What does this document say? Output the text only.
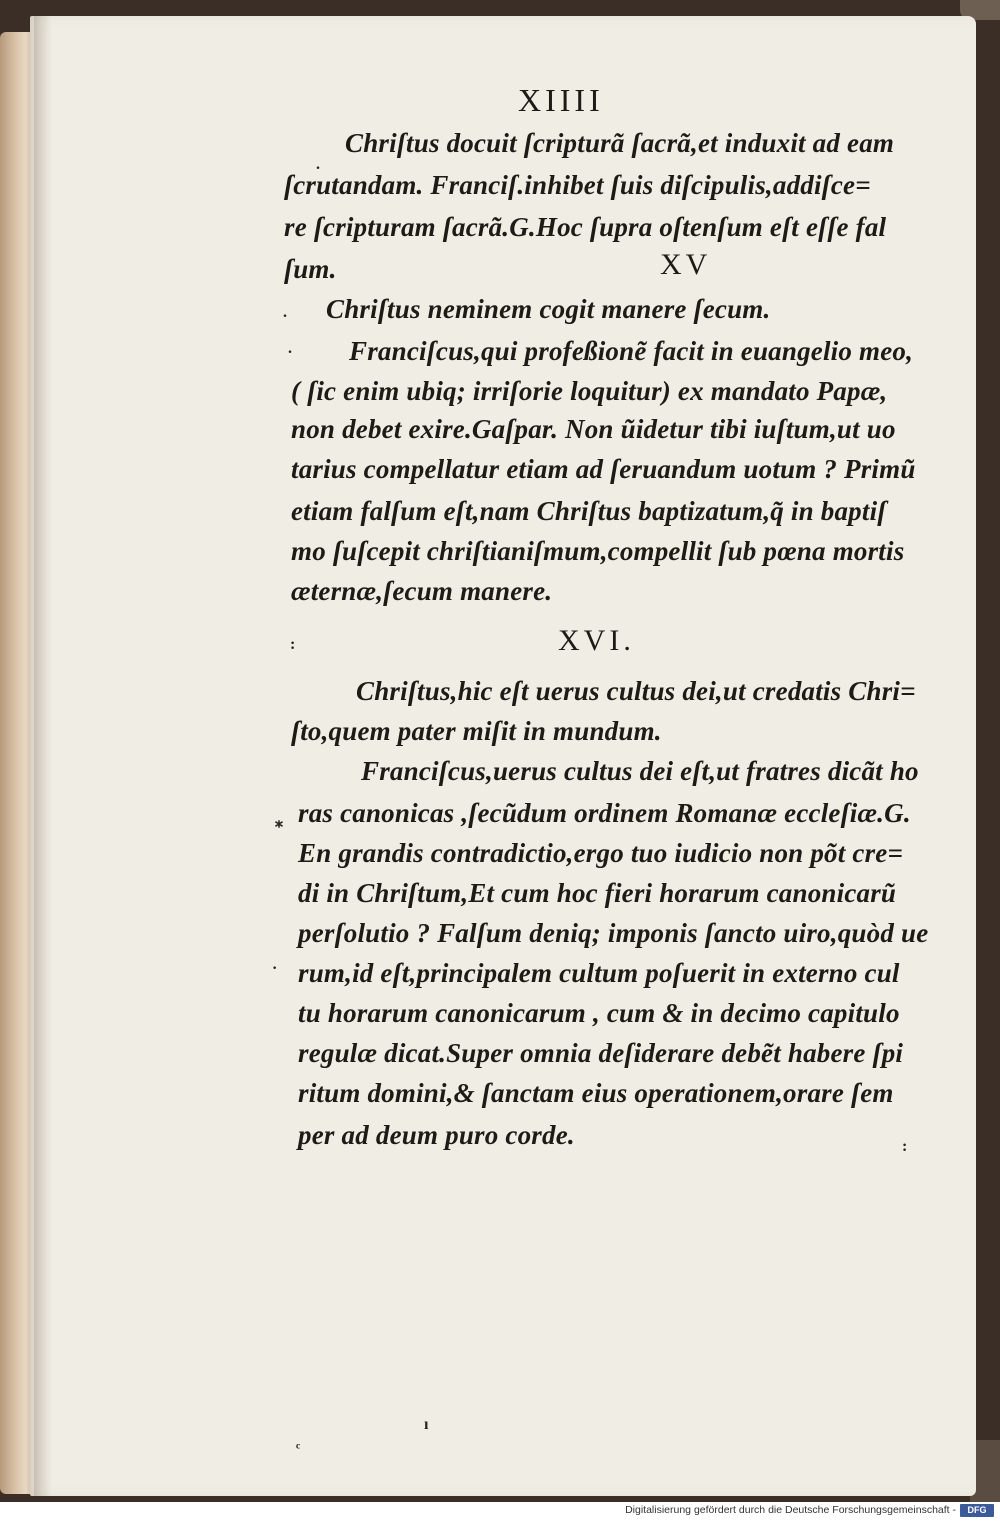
XIIII
Chriſtus docuit ſcripturã ſacrã,et induxit ad eam
ſcrutandam. Franciſ.inhibet ſuis diſcipulis,addiſce=
re ſcripturam ſacrã.G.Hoc ſupra oſtenſum eſt eſſe fal
ſum.	XV
Chriſtus neminem cogit manere ſecum.
Franciſcus,qui profeßionẽ facit in euangelio meo,
( ſic enim ubiq; irriſorie loquitur) ex mandato Papæ,
non debet exire.Gaſpar. Non ũidetur tibi iuſtum,ut uo
tarius compellatur etiam ad ſeruandum uotum ? Primũ
etiam falſum eſt,nam Chriſtus baptizatum,q̃ in baptiſ
mo ſuſcepit chriſtianiſmum,compellit ſub pœna mortis
æternæ,ſecum manere.
XVI.
Chriſtus,hic eſt uerus cultus dei,ut credatis Chri=
ſto,quem pater miſit in mundum.
Franciſcus,uerus cultus dei eſt,ut fratres dicãt ho
ras canonicas ,ſecũdum ordinem Romanæ eccleſiæ.G.
En grandis contradictio,ergo tuo iudicio non põt cre=
di in Chriſtum,Et cum hoc fieri horarum canonicarũ
perſolutio ? Falſum deniq; imponis ſancto uiro,quòd ue
rum,id eſt,principalem cultum poſuerit in externo cul
tu horarum canonicarum , cum & in decimo capitulo
regulæ dicat.Super omnia deſiderare debẽt habere ſpi
ritum domini,& ſanctam eius operationem,orare ſem
per ad deum puro corde.
.
.
.
:
⁎
·
:
ı
ᶜ
Digitalisierung gefördert durch die Deutsche Forschungsgemeinschaft -	DFG
